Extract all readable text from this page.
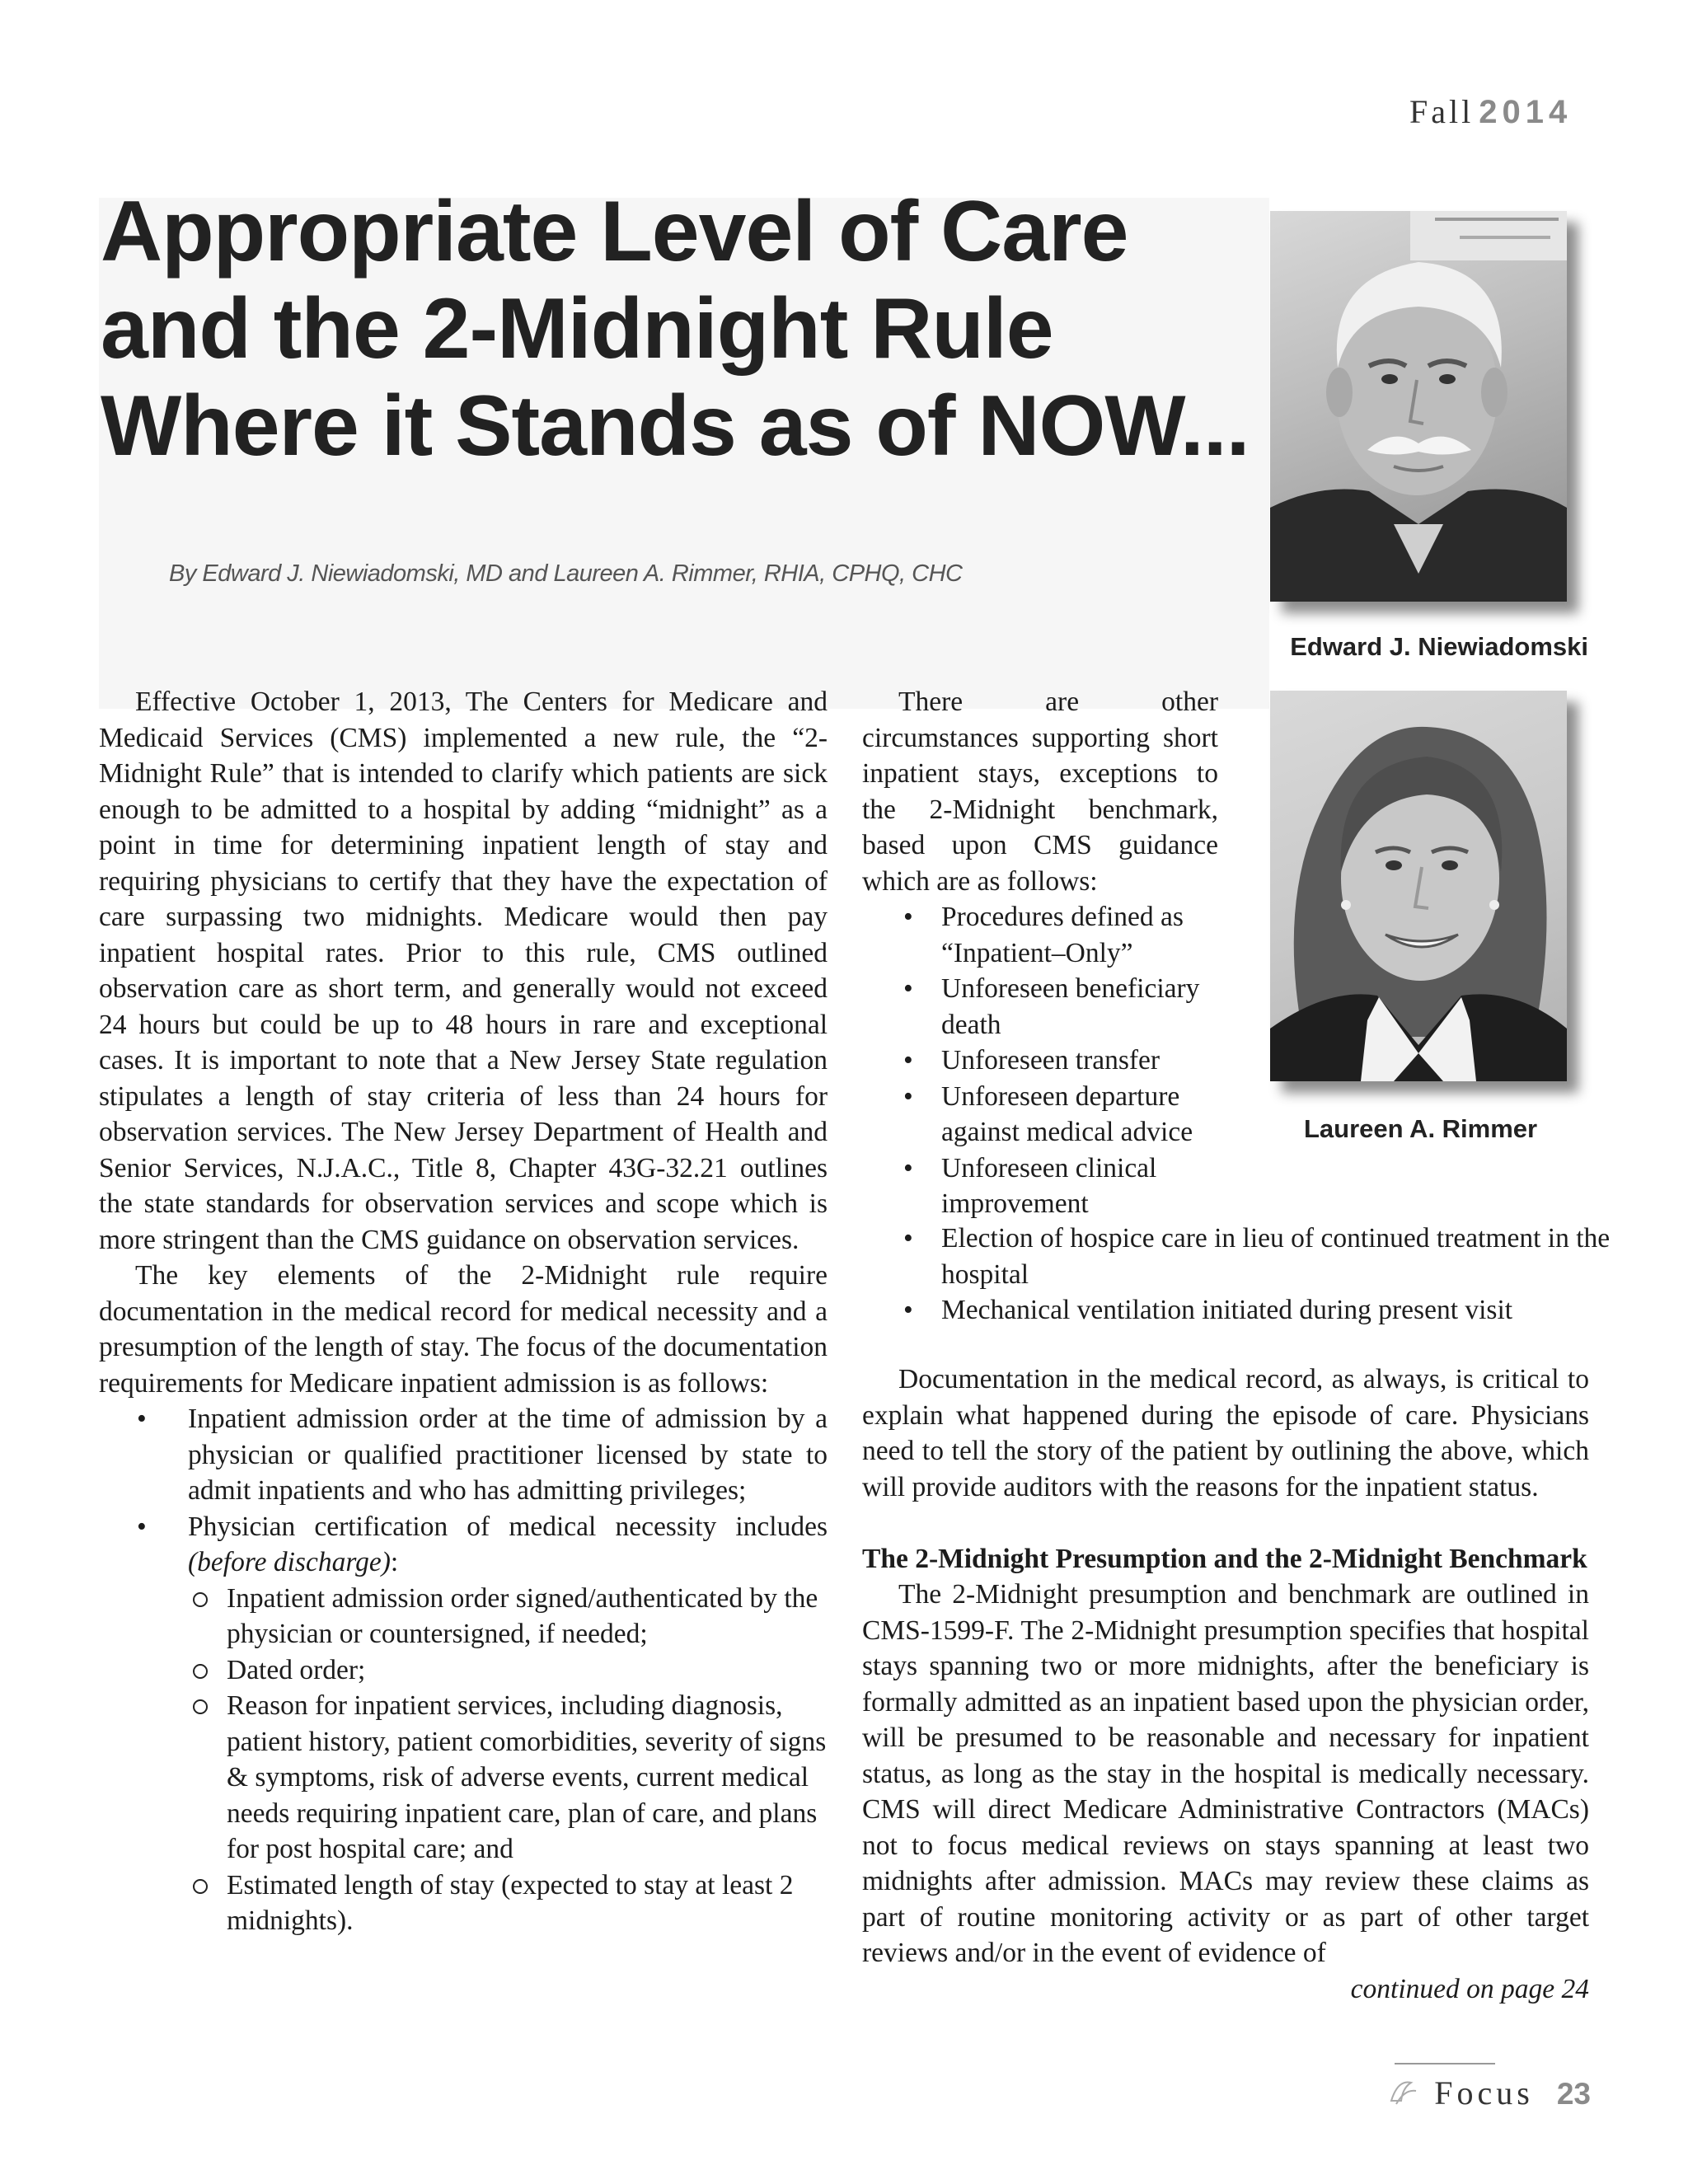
Fall 2014
Appropriate Level of Care
and the 2-Midnight Rule
Where it Stands as of NOW...
By Edward J. Niewiadomski, MD and Laureen A. Rimmer, RHIA, CPHQ, CHC
Edward J. Niewiadomski
Laureen A. Rimmer

Effective October 1, 2013, The Centers for Medicare and Medicaid Services (CMS) implemented a new rule, the “2-Midnight Rule” that is intended to clarify which patients are sick enough to be admitted to a hospital by adding “midnight” as a point in time for determining inpatient length of stay and requiring physicians to certify that they have the expectation of care surpassing two midnights. Medicare would then pay inpatient hospital rates. Prior to this rule, CMS outlined observation care as short term, and generally would not exceed 24 hours but could be up to 48 hours in rare and exceptional cases. It is important to note that a New Jersey State regulation stipulates a length of stay criteria of less than 24 hours for observation services. The New Jersey Department of Health and Senior Services, N.J.A.C., Title 8, Chapter 43G-32.21 outlines the state standards for observation services and scope which is more stringent than the CMS guidance on observation services.

The key elements of the 2-Midnight rule require documentation in the medical record for medical necessity and a presumption of the length of stay. The focus of the documentation requirements for Medicare inpatient admission is as follows:

• Inpatient admission order at the time of admission by a physician or qualified practitioner licensed by state to admit inpatients and who has admitting privileges;

• Physician certification of medical necessity includes (before discharge):

Inpatient admission order signed/authenticated by the physician or countersigned, if needed;
Dated order;
Reason for inpatient services, including diagnosis, patient history, patient comorbidities, severity of signs & symptoms, risk of adverse events, current medical needs requiring inpatient care, plan of care, and plans for post hospital care; and
Estimated length of stay (expected to stay at least 2 midnights).

There are other circumstances supporting short inpatient stays, exceptions to the 2-Midnight benchmark, based upon CMS guidance which are as follows:

• Procedures defined as “Inpatient–Only”
• Unforeseen beneficiary death
• Unforeseen transfer
• Unforeseen departure against medical advice
• Unforeseen clinical improvement
• Election of hospice care in lieu of continued treatment in the hospital
• Mechanical ventilation initiated during present visit

Documentation in the medical record, as always, is critical to explain what happened during the episode of care. Physicians need to tell the story of the patient by outlining the above, which will provide auditors with the reasons for the inpatient status.

The 2-Midnight Presumption and the 2-Midnight Benchmark

The 2-Midnight presumption and benchmark are outlined in CMS-1599-F. The 2-Midnight presumption specifies that hospital stays spanning two or more midnights, after the beneficiary is formally admitted as an inpatient based upon the physician order, will be presumed to be reasonable and necessary for inpatient status, as long as the stay in the hospital is medically necessary. CMS will direct Medicare Administrative Contractors (MACs) not to focus medical reviews on stays spanning at least two midnights after admission. MACs may review these claims as part of routine monitoring activity or as part of other target reviews and/or in the event of evidence of

continued on page 24

Focus 23
